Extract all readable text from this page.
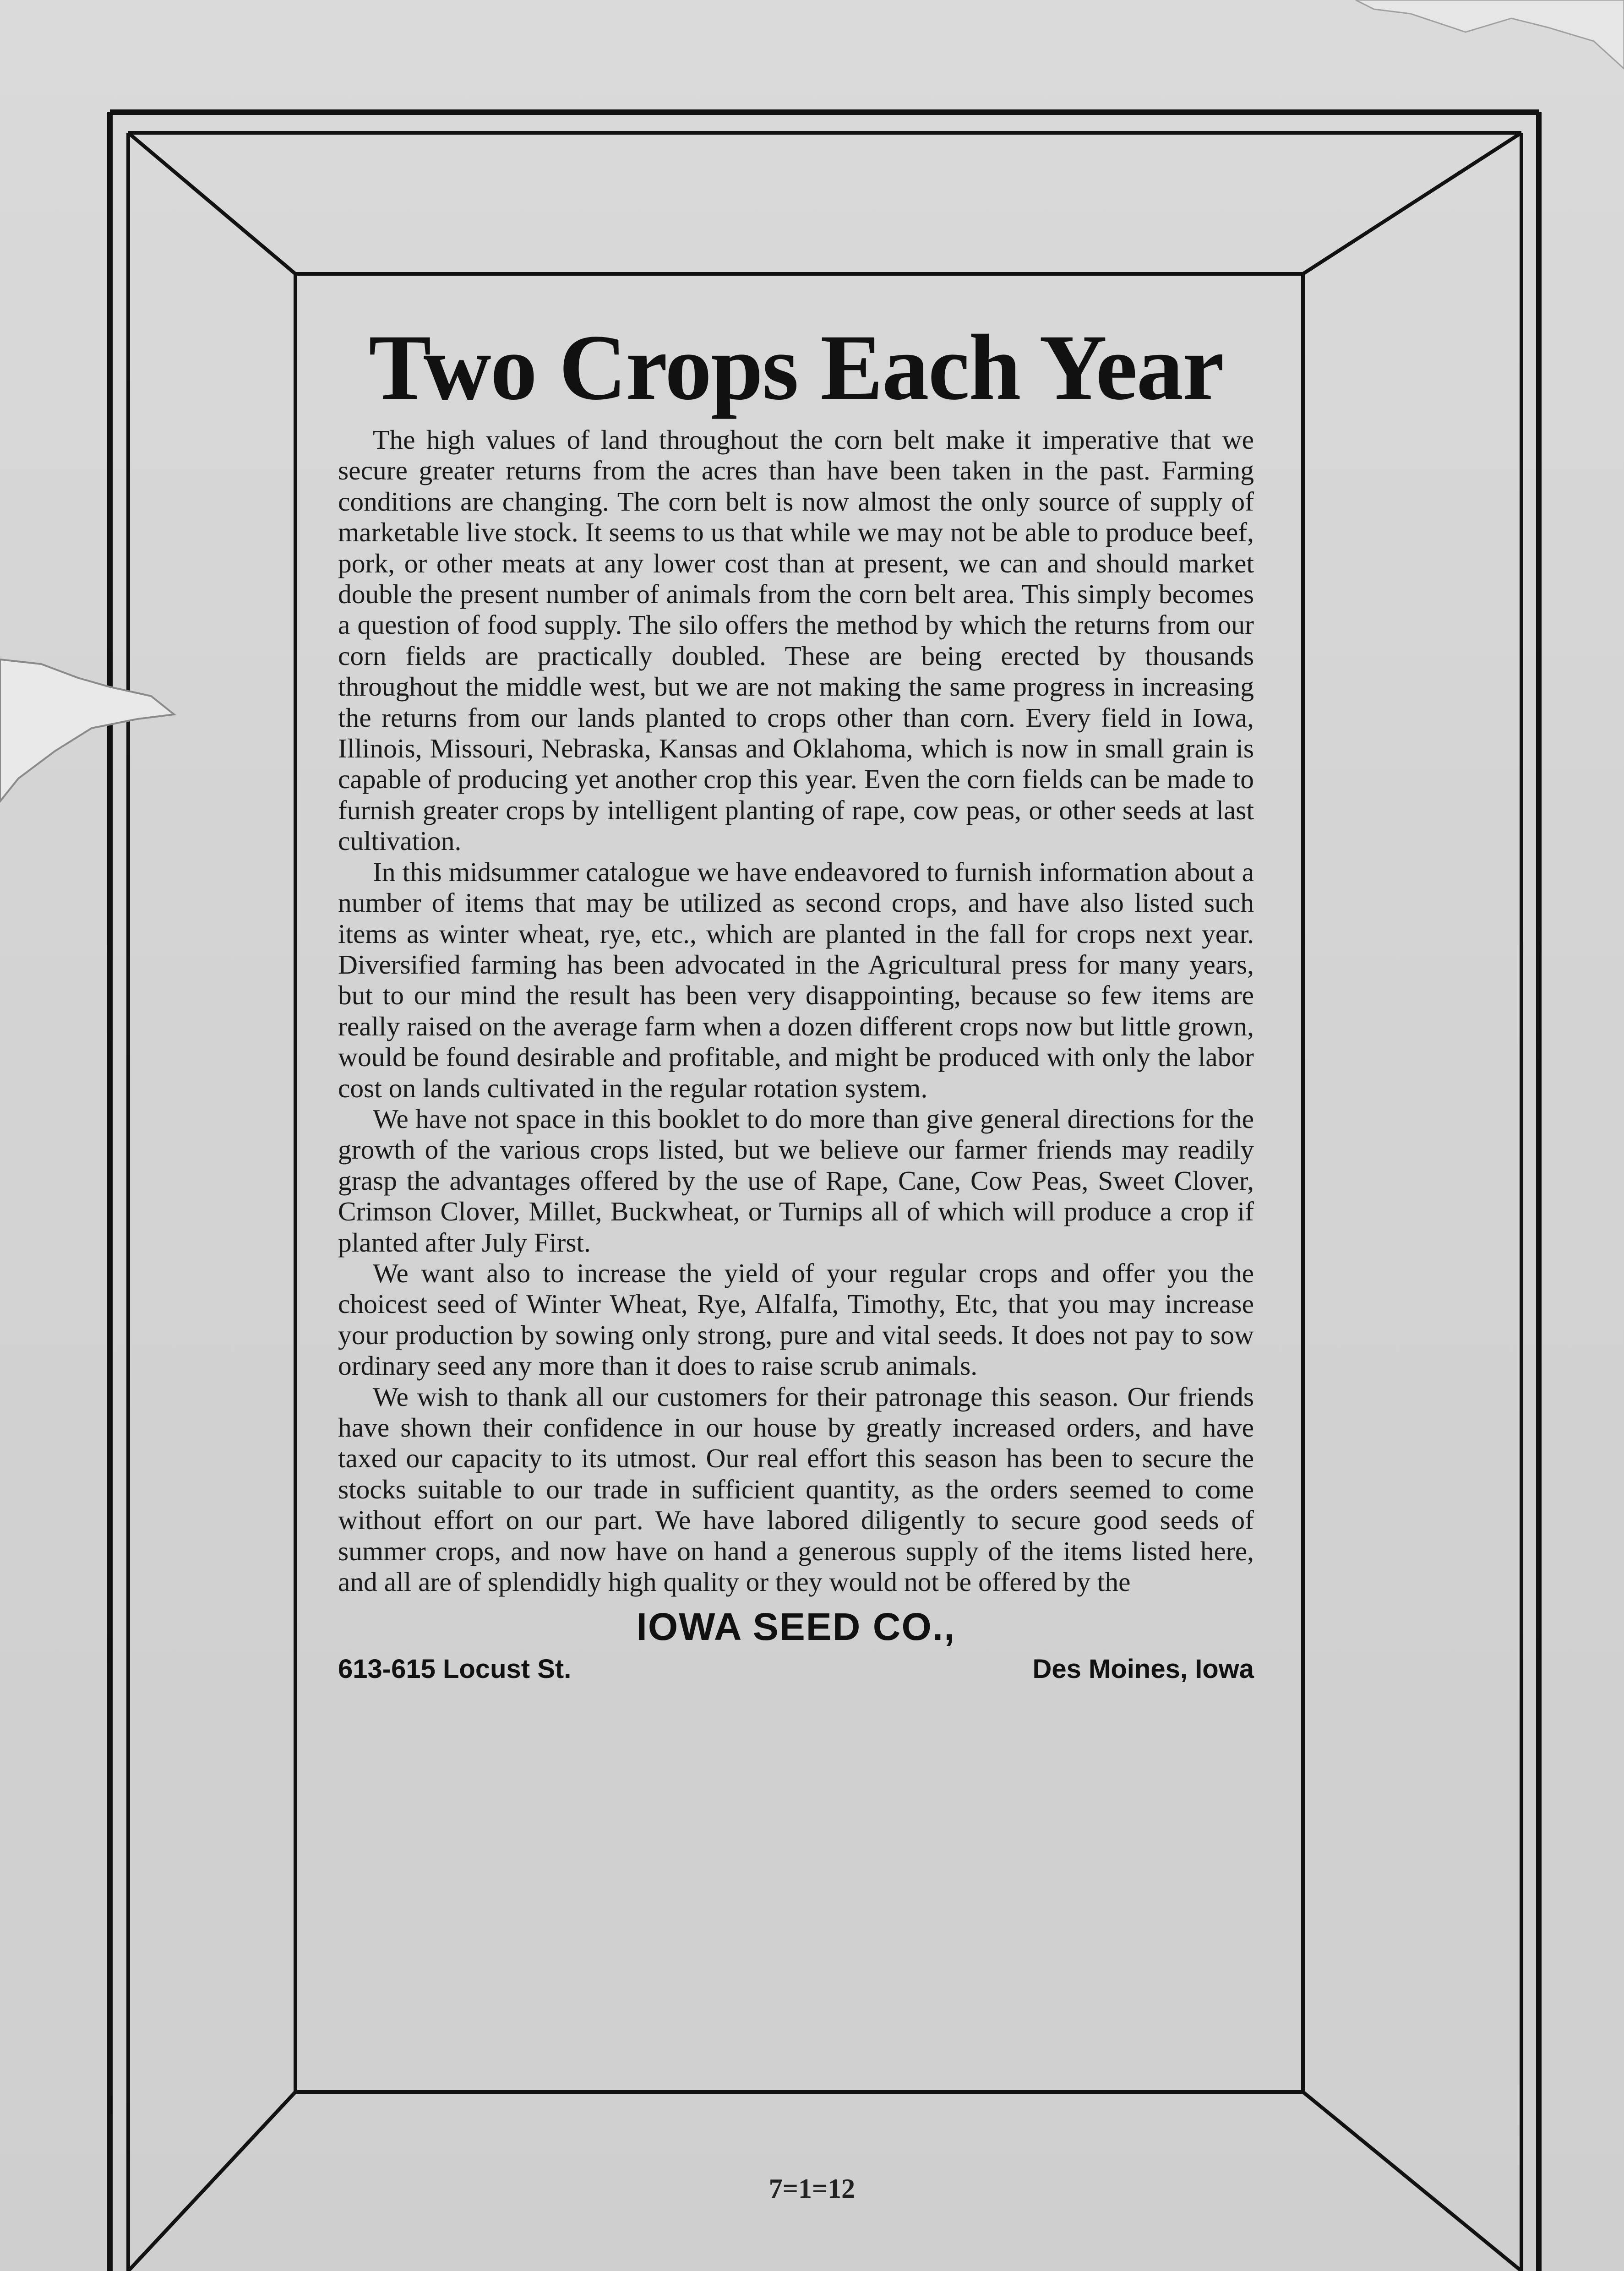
Two Crops Each Year

The high values of land throughout the corn belt make it imperative that we secure greater returns from the acres than have been taken in the past. Farming conditions are changing. The corn belt is now almost the only source of supply of marketable live stock. It seems to us that while we may not be able to produce beef, pork, or other meats at any lower cost than at present, we can and should market double the present number of animals from the corn belt area. This simply becomes a question of food supply. The silo offers the method by which the returns from our corn fields are practically doubled. These are being erected by thousands throughout the middle west, but we are not making the same progress in increasing the returns from our lands planted to crops other than corn. Every field in Iowa, Illinois, Missouri, Nebraska, Kansas and Oklahoma, which is now in small grain is capable of producing yet another crop this year. Even the corn fields can be made to furnish greater crops by intelligent planting of rape, cow peas, or other seeds at last cultivation.

In this midsummer catalogue we have endeavored to furnish information about a number of items that may be utilized as second crops, and have also listed such items as winter wheat, rye, etc., which are planted in the fall for crops next year. Diversified farming has been advocated in the Agricultural press for many years, but to our mind the result has been very disappointing, because so few items are really raised on the average farm when a dozen different crops now but little grown, would be found desirable and profitable, and might be produced with only the labor cost on lands cultivated in the regular rotation system.

We have not space in this booklet to do more than give general directions for the growth of the various crops listed, but we believe our farmer friends may readily grasp the advantages offered by the use of Rape, Cane, Cow Peas, Sweet Clover, Crimson Clover, Millet, Buckwheat, or Turnips all of which will produce a crop if planted after July First.

We want also to increase the yield of your regular crops and offer you the choicest seed of Winter Wheat, Rye, Alfalfa, Timothy, Etc, that you may increase your production by sowing only strong, pure and vital seeds. It does not pay to sow ordinary seed any more than it does to raise scrub animals.

We wish to thank all our customers for their patronage this season. Our friends have shown their confidence in our house by greatly increased orders, and have taxed our capacity to its utmost. Our real effort this season has been to secure the stocks suitable to our trade in sufficient quantity, as the orders seemed to come without effort on our part. We have labored diligently to secure good seeds of summer crops, and now have on hand a generous supply of the items listed here, and all are of splendidly high quality or they would not be offered by the

IOWA SEED CO.,
613-615 Locust St.	Des Moines, Iowa
7=1=12
